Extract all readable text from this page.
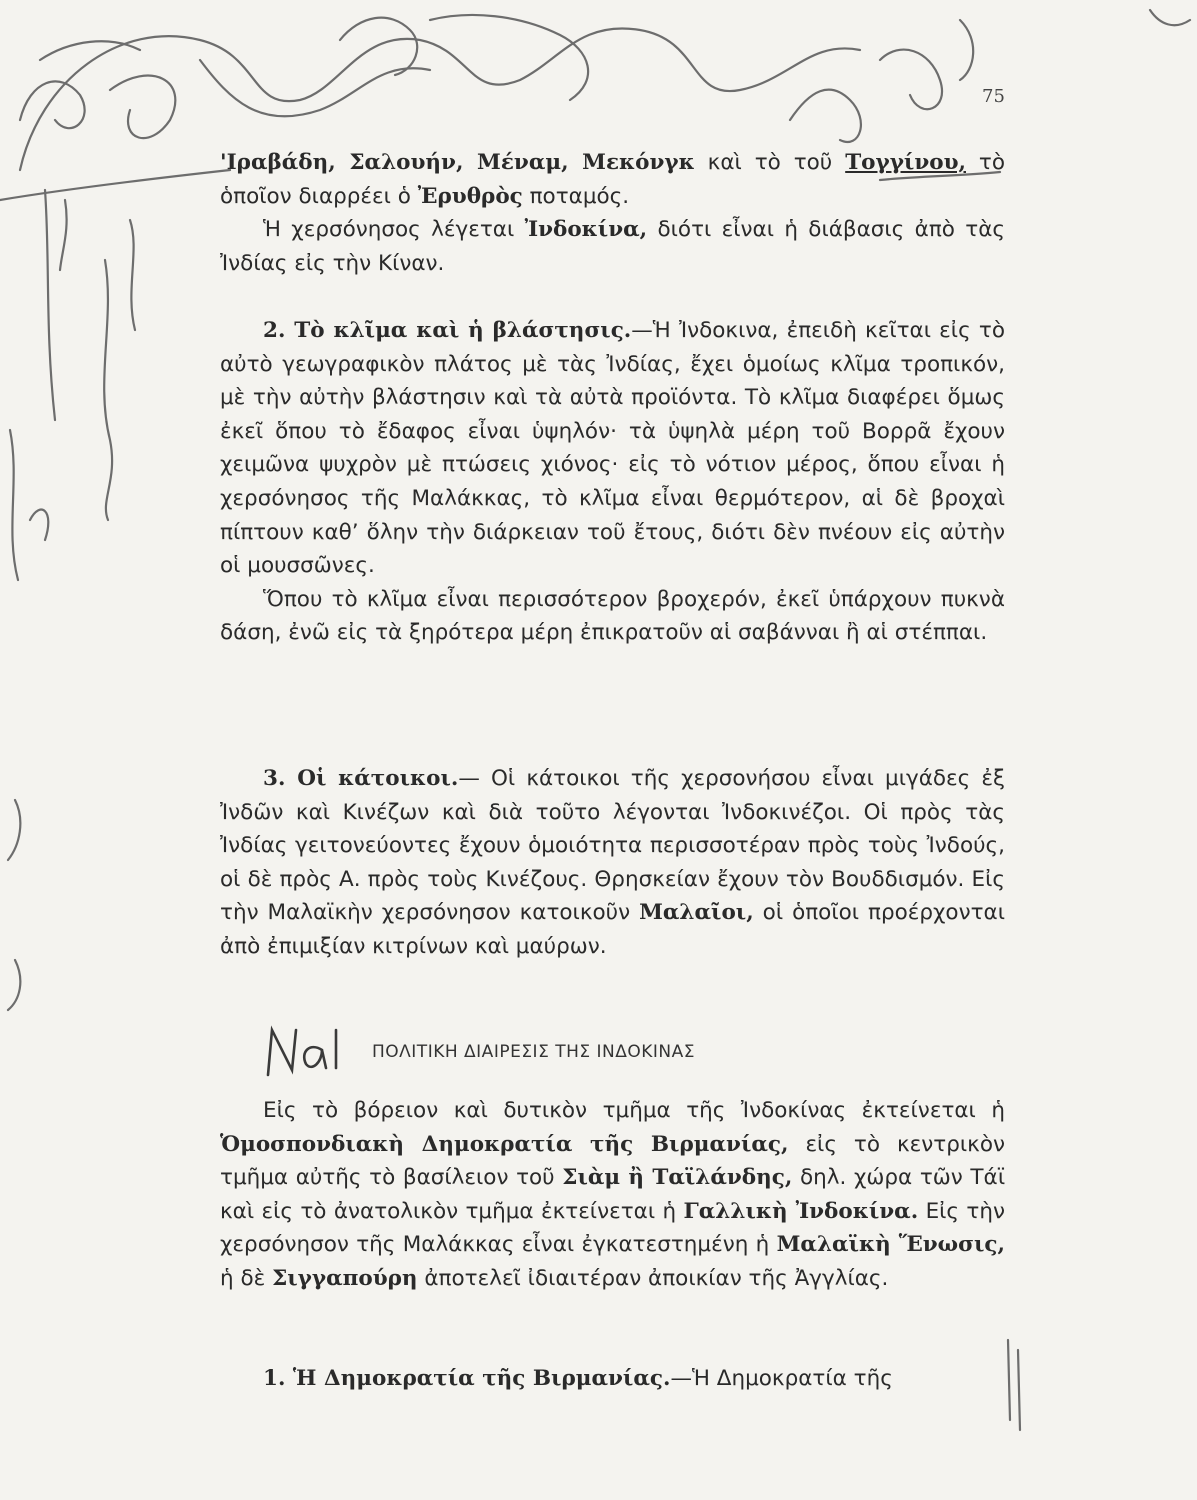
75

'Ιραβάδη, Σαλουήν, Μέναμ, Μεκόνγκ καὶ τὸ τοῦ Τογγίνου, τὸ ὁποῖον διαρρέει ὁ Ἐρυθρὸς ποταμός.

Ἡ χερσόνησος λέγεται Ἰνδοκίνα, διότι εἶναι ἡ διάβασις ἀπὸ τὰς Ἰνδίας εἰς τὴν Κίναν.

2. Τὸ κλῖμα καὶ ἡ βλάστησις.—Ἡ Ἰνδοκινα, ἐπειδὴ κεῖται εἰς τὸ αὐτὸ γεωγραφικὸν πλάτος μὲ τὰς Ἰνδίας, ἔχει ὁμοίως κλῖμα τροπικόν, μὲ τὴν αὐτὴν βλάστησιν καὶ τὰ αὐτὰ προϊόντα. Τὸ κλῖμα διαφέρει ὅμως ἐκεῖ ὅπου τὸ ἔδαφος εἶναι ὑψηλόν· τὰ ὑψηλὰ μέρη τοῦ Βορρᾶ ἔχουν χειμῶνα ψυχρὸν μὲ πτώσεις χιόνος· εἰς τὸ νότιον μέρος, ὅπου εἶναι ἡ χερσόνησος τῆς Μαλάκκας, τὸ κλῖμα εἶναι θερμότερον, αἱ δὲ βροχαὶ πίπτουν καθ’ ὅλην τὴν διάρκειαν τοῦ ἔτους, διότι δὲν πνέουν εἰς αὐτὴν οἱ μουσσῶνες.

Ὅπου τὸ κλῖμα εἶναι περισσότερον βροχερόν, ἐκεῖ ὑπάρχουν πυκνὰ δάση, ἐνῶ εἰς τὰ ξηρότερα μέρη ἐπικρατοῦν αἱ σαβάνναι ἢ αἱ στέππαι.

3. Οἱ κάτοικοι.— Οἱ κάτοικοι τῆς χερσονήσου εἶναι μιγάδες ἐξ Ἰνδῶν καὶ Κινέζων καὶ διὰ τοῦτο λέγονται Ἰνδοκινέζοι. Οἱ πρὸς τὰς Ἰνδίας γειτονεύοντες ἔχουν ὁμοιότητα περισσοτέραν πρὸς τοὺς Ἰνδούς, οἱ δὲ πρὸς Α. πρὸς τοὺς Κινέζους. Θρησκείαν ἔχουν τὸν Βουδδισμόν. Εἰς τὴν Μαλαϊκὴν χερσόνησον κατοικοῦν Μαλαῖοι, οἱ ὁποῖοι προέρχονται ἀπὸ ἐπιμιξίαν κιτρίνων καὶ μαύρων.

ΠΟΛΙΤΙΚΗ ΔΙΑΙΡΕΣΙΣ ΤΗΣ ΙΝΔΟΚΙΝΑΣ

Εἰς τὸ βόρειον καὶ δυτικὸν τμῆμα τῆς Ἰνδοκίνας ἐκτείνεται ἡ Ὁμοσπονδιακὴ Δημοκρατία τῆς Βιρμανίας, εἰς τὸ κεντρικὸν τμῆμα αὐτῆς τὸ βασίλειον τοῦ Σιὰμ ἢ Ταϊλάνδης, δηλ. χώρα τῶν Τάϊ καὶ εἰς τὸ ἀνατολικὸν τμῆμα ἐκτείνεται ἡ Γαλλικὴ Ἰνδοκίνα. Εἰς τὴν χερσόνησον τῆς Μαλάκκας εἶναι ἐγκατεστημένη ἡ Μαλαϊκὴ Ἕνωσις, ἡ δὲ Σιγγαπούρη ἀποτελεῖ ἰδιαιτέραν ἀποικίαν τῆς Ἀγγλίας.

1. Ἡ Δημοκρατία τῆς Βιρμανίας.—Ἡ Δημοκρατία τῆς
